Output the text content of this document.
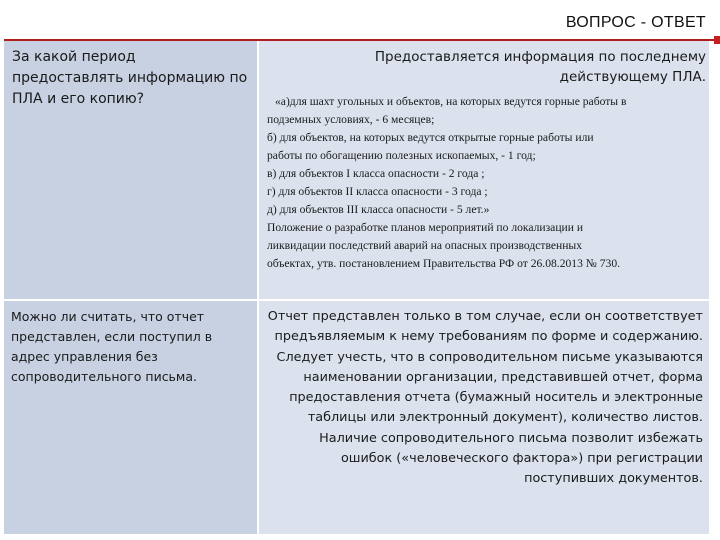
ВОПРОС - ОТВЕТ
За какой период предоставлять информацию по ПЛА и его копию?
Предоставляется информация по последнему действующему ПЛА.
«а)для шахт угольных и объектов, на которых ведутся горные работы в
подземных условиях, - 6 месяцев;
б) для объектов, на которых ведутся открытые горные работы или
работы по обогащению полезных ископаемых, - 1 год;
в) для объектов I класса опасности - 2 года ;
г) для объектов II класса опасности - 3 года ;
д) для объектов III класса опасности - 5 лет.»
Положение о разработке планов мероприятий по локализации и
ликвидации последствий аварий на опасных производственных
объектах, утв. постановлением Правительства РФ от 26.08.2013 № 730.
Можно ли считать, что отчет представлен, если поступил в адрес управления без сопроводительного письма.
Отчет представлен только в том случае, если он соответствует предъявляемым к нему требованиям по форме и содержанию. Следует учесть, что в сопроводительном письме указываются наименовании организации, представившей отчет, форма предоставления отчета (бумажный носитель и электронные таблицы или электронный документ), количество листов. Наличие сопроводительного письма позволит избежать ошибок («человеческого фактора») при регистрации поступивших документов.
